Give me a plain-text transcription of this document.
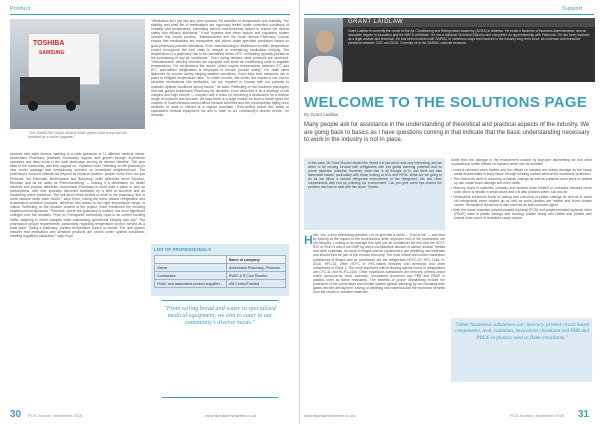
Product
TOSHIBA
SAMSUNG
"The SAMSUNG Super Module Multi system heat pump unit we installed as a cooler upgrade."
services with eight doctors catering to a wide spectrum of 11 different medical needs. Ackermans Pharmacy practices community support and growth through experience operators and deep roots in the local landscape serving its diverse clientele. "We give back to the community, and they support us," explains Kouri, reflecting on the pharmacy's new cooler passage that meticulously founded on immediate neighbourhood. The pharmacy's footprint extends far beyond its physical location: people come from not just Primrose, but Edenvale, Bedfordview and Boksburg, while deliveries serve Sandton, Rivonian and as far away as Pietermaritzburg — making it a destination for health services and product deliveries. Ackermans Pharmacy is more than a place to pick up prescriptions, with over specialty deliveries facilitated by a fleet of scooters and an expanding online presence. "We sell about three-fourths or more in the pharmacy: five or more vaccine stock each month," says Kouri, noting the trend toward refrigerated and temperature-sensitive products, delivered and stored in the right temperature range, is critical. Reflecting on the broader context of the project, Kouri mentioned the evolving neighbourhood dynamics. "Primrose, where the pharmacy is located, has seen significant changes over the decades. From its Portuguese community roots to its current bustling traffic, adapting to these changes while maintaining operational integrity was key." The pharmacy's unique requirements, particularly regarding temperature control, served as a focal point. "Being a pharmacy, precise temperature control is crucial. The new system ensures that medication and sensitive products are stored under optimal conditions, meeting regulatory standards," says Kouri.
"Medication isn't just like any other product; it's sensitive to temperature and humidity. The stability and shelf life of medications are rigorously tested under controlled conditions of humidity and temperature, simulating various environmental factors to ensure the utmost safety and efficacy standards." Kouri explains that these factors and regulatory bodies oversee this crucial process. "Manufacturers and the South African Pharmacy Council ensure that medications are transported and stored under specified conditions based on good pharmacy practice standards. From manufacturing to distribution to retail, temperature control throughout the cold chain is integral to maintaining medication integrity. The temperature in a pharmacy has to be maintained below 25°C, something typically pointed at the purchasing of any air conditioner." Even during delivery, strict protocols are observed. "Manufacturers' delivery vehicles are equipped with small air conditioning units to regulate temperatures. For medications like insulin, which require temperatures between 2°C and 8°C, specialised refrigeration is employed to ensure product safety." For retail client deliveries by scooter during varying weather conditions, Kouri says their measures are in place to mitigate temperature risks. "In colder months, like winter, the impact is low, but for sensitive medications like antibiotics, we are required to choose with our patients to maintain optimal conditions during transit," he adds. Reflecting on the business philosophy that has guided Ackermans Pharmacy for decades, Kouri describes it as a strategy of low margins and high volume — coupled with a focus on becoming a destination for a diverse range of products and services. He says there is a huge market for such a model given the majority of South Africans cannot afford medical schemes and are consequently highly price sensitive to what is offered at a regular purchase. "Ever-selling brand and sedar to specialised medical equipment, we aim to cater to our community's diverse needs," he remarks.
LIST OF PROFESSIONALS
	Name of company
Owner	Ackermans Pharmacy, Primrose
Contractors	HVAC & R Cool Reactor
HVAC and associated product suppliers	AM Corlen/Toshiba
"From selling bread and water to specialised medical equipment, we aim to cater to our community's diverse needs."
30 PCS Journal | November 2019	www.flipedianewsletter.co.za
Support
GRANT LAIDLAW
Grant Laidlaw is currently the owner of the Air Conditioning and Refrigeration Academy (ACRA) in Alberton. He holds a Bachelor of Business Administration, and an associate degree in education and the NRCS certificate. He has a National Technical Diploma and completed an apprenticeship with Fairbrook. He has been involved as a legal advisor and technical. He has been involved with SAIRAC in numerous ways and involved in the industry long-term since, as chairman and executive president between 2012 and 2016. Currently he is the SAIRAC national treasurer.
WELCOME TO THE SOLUTIONS PAGE
By Grant Laidlaw
Many people ask for assistance in the understanding of theoretical and practical aspects of the industry. We are going back to basics as I have questions coming in that indicate that the basic understanding necessary to work in the industry is not in place.
In this case, Mr Grant Mouton started the thread it is just which was very interesting, and we seem to be moving forward with refrigerants with low global warming potential and no ozone depletion potential. However, what else is all thought on in and there are also flammable issues, particularly with those looking at HCs and HFOs. What are we going to do as we follow a natural refrigerant environment of the refrigerant, oils and other contaminants with end up polluting our environment. Can you give some tips around the problem and how to deal with this issue. Thanks.
H ello. Yes, a very interesting question. Let us give this a name — 'End of life' — and start by looking at the impact to the environment when improper end of life procedures are not followed. Looking at an average this split unit air conditioner we find that the HCFC R22 or R410 it was a full GWP kg and a considerable amount of carbon dioxide. Metals and other materials, as found in fridges and air conditioners, are depleting raw materials and should thus be part of the circular economy. The most critical and known hazardous substances of fridges and air conditioner are the refrigerants HCFC-22, HFC-134a, R-410A, HFC-32, other HCFC or HFC-based mixtures and ammonia and other substances in Class 1. The most important critical blowing agents found in refrigerators are CFC-11 and HCFC-141b. Other hazardous substances are mercury, printed circuit board components, lead, cadmium, hexavalent chromium and PBB and PBDE in plastics used as flame retardants. The benefits of proper dismantling include the protection of the ozone layer and climate system (global warming) by not releasing toxic gases into the atmosphere, saving of depleting raw materials and the economic benefits from the resale of valuable materials.
Aside from the damage to the environment caused by improper dismantling we find other occupational health effects on humans which can be avoided:
• Lead is released when heated and the effects on humans are kidney damage as the heavy metal accumulates in body tissue through inhaling contact without the necessary protection.
• The Cadmium used in colouring of plastic casings as well as contacts when burnt or heated up can cause brain damage and even death.
• Mercury found in switches, contacts and sensors when heated or shredded releases nerve toxin which is deadly in small doses and it is also pollutes water, soil and air.
• Hexavalent chromium found in plating and colouring of plastic casings as well as in some old refrigerants when heated up as well as when plastics are melted and burnt causes cancer. Hexavalent chromium is also used as an anti-corrosion agent.
• Both the flame retardant polychlorinated biphenyl (PCB) and polybrominated biphenyl ether (PBDE) used in plastic casings and housing, plastic wiring and cables and printed wire boards when burnt or shredded cause cancer.
"Other hazardous substances are: mercury, printed circuit board components, lead, cadmium, hexavalent chromium and PBB and PBDE in plastics used as flame retardants."
www.flipedianewsletter.co.za	PCS Journal | November 2019 31
